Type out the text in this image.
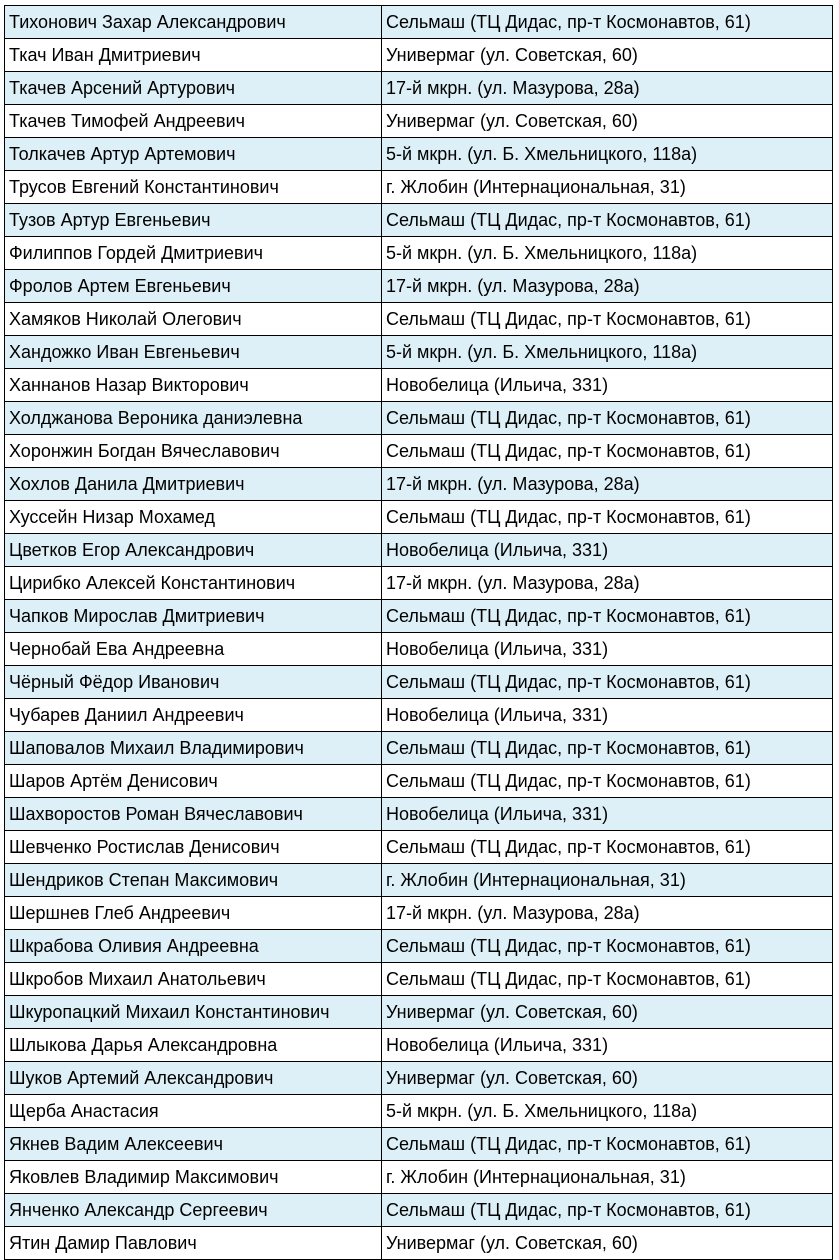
Тихонович Захар Александрович	Сельмаш (ТЦ Дидас, пр-т Космонавтов, 61)
Ткач Иван Дмитриевич	Универмаг (ул. Советская, 60)
Ткачев Арсений Артурович	17-й мкрн. (ул. Мазурова, 28а)
Ткачев Тимофей Андреевич	Универмаг (ул. Советская, 60)
Толкачев Артур Артемович	5-й мкрн. (ул. Б. Хмельницкого, 118а)
Трусов Евгений Константинович	г. Жлобин (Интернациональная, 31)
Тузов Артур Евгеньевич	Сельмаш (ТЦ Дидас, пр-т Космонавтов, 61)
Филиппов Гордей Дмитриевич	5-й мкрн. (ул. Б. Хмельницкого, 118а)
Фролов Артем Евгеньевич	17-й мкрн. (ул. Мазурова, 28а)
Хамяков Николай Олегович	Сельмаш (ТЦ Дидас, пр-т Космонавтов, 61)
Хандожко Иван Евгеньевич	5-й мкрн. (ул. Б. Хмельницкого, 118а)
Ханнанов Назар Викторович	Новобелица (Ильича, 331)
Холджанова Вероника даниэлевна	Сельмаш (ТЦ Дидас, пр-т Космонавтов, 61)
Хоронжин Богдан Вячеславович	Сельмаш (ТЦ Дидас, пр-т Космонавтов, 61)
Хохлов Данила Дмитриевич	17-й мкрн. (ул. Мазурова, 28а)
Хуссейн Низар Мохамед	Сельмаш (ТЦ Дидас, пр-т Космонавтов, 61)
Цветков Егор Александрович	Новобелица (Ильича, 331)
Цирибко Алексей Константинович	17-й мкрн. (ул. Мазурова, 28а)
Чапков Мирослав Дмитриевич	Сельмаш (ТЦ Дидас, пр-т Космонавтов, 61)
Чернобай Ева Андреевна	Новобелица (Ильича, 331)
Чёрный Фёдор Иванович	Сельмаш (ТЦ Дидас, пр-т Космонавтов, 61)
Чубарев Даниил Андреевич	Новобелица (Ильича, 331)
Шаповалов Михаил Владимирович	Сельмаш (ТЦ Дидас, пр-т Космонавтов, 61)
Шаров Артём Денисович	Сельмаш (ТЦ Дидас, пр-т Космонавтов, 61)
Шахворостов Роман Вячеславович	Новобелица (Ильича, 331)
Шевченко Ростислав Денисович	Сельмаш (ТЦ Дидас, пр-т Космонавтов, 61)
Шендриков Степан Максимович	г. Жлобин (Интернациональная, 31)
Шершнев Глеб Андреевич	17-й мкрн. (ул. Мазурова, 28а)
Шкрабова Оливия Андреевна	Сельмаш (ТЦ Дидас, пр-т Космонавтов, 61)
Шкробов Михаил Анатольевич	Сельмаш (ТЦ Дидас, пр-т Космонавтов, 61)
Шкуропацкий Михаил Константинович	Универмаг (ул. Советская, 60)
Шлыкова Дарья Александровна	Новобелица (Ильича, 331)
Шуков Артемий Александрович	Универмаг (ул. Советская, 60)
Щерба Анастасия	5-й мкрн. (ул. Б. Хмельницкого, 118а)
Якнев Вадим Алексеевич	Сельмаш (ТЦ Дидас, пр-т Космонавтов, 61)
Яковлев Владимир Максимович	г. Жлобин (Интернациональная, 31)
Янченко Александр Сергеевич	Сельмаш (ТЦ Дидас, пр-т Космонавтов, 61)
Ятин Дамир Павлович	Универмаг (ул. Советская, 60)
